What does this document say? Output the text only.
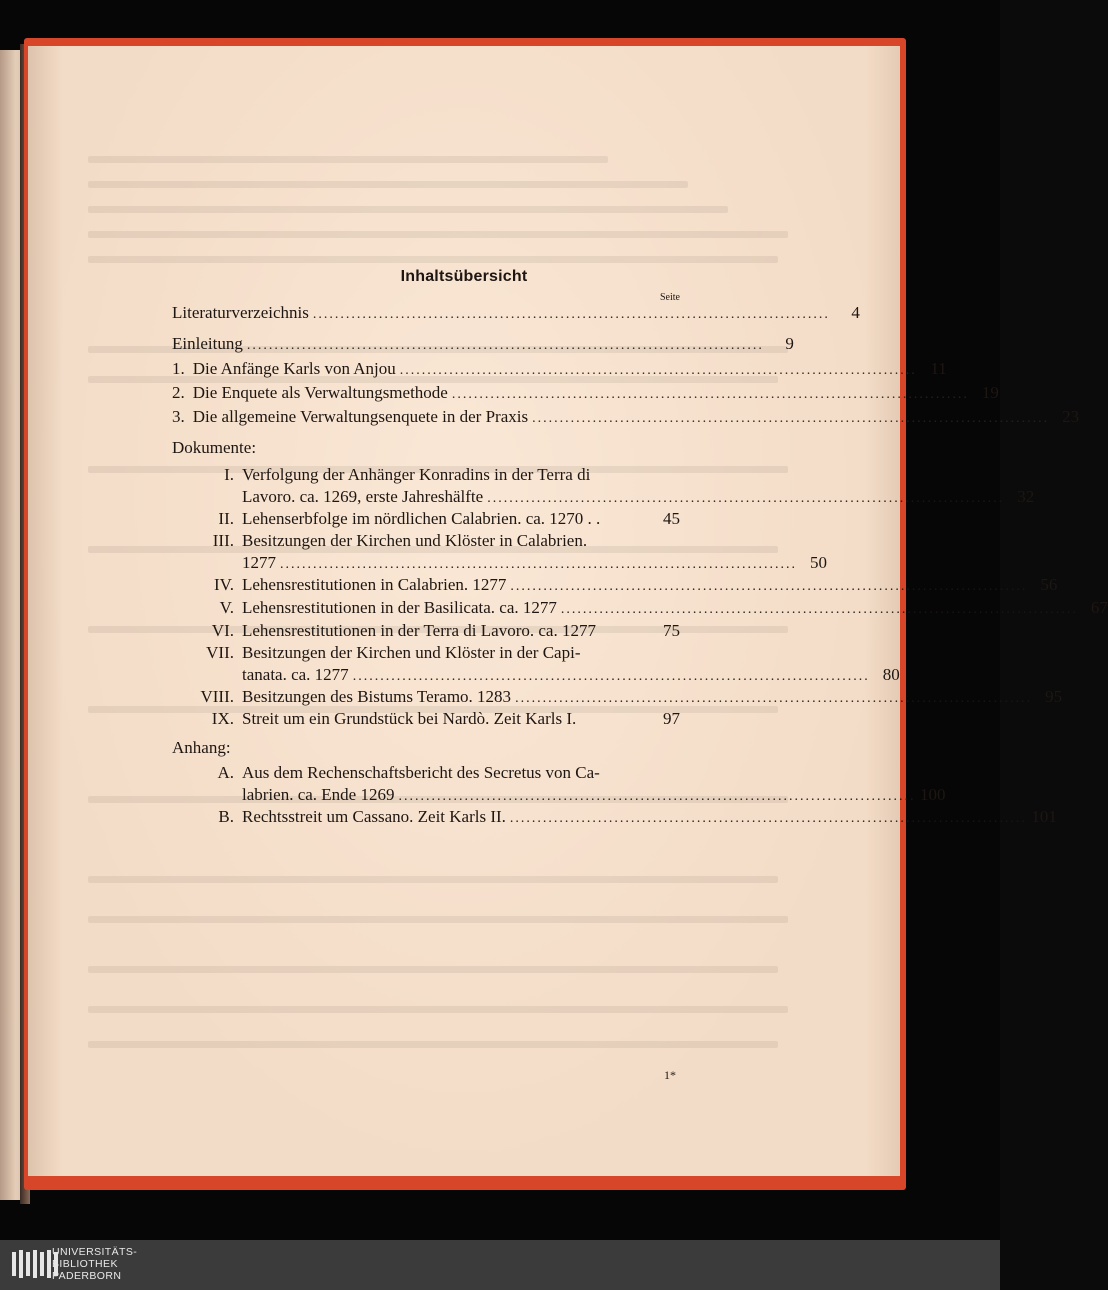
Inhaltsübersicht
Seite
Literaturverzeichnis ..............................................................................................	4
Einleitung ..............................................................................................	9
1. Die Anfänge Karls von Anjou .............................................................................................. 11
2. Die Enquete als Verwaltungsmethode .............................................................................................. 19
3. Die allgemeine Verwaltungsenquete in der Praxis .............................................................................................. 23
Dokumente:
I. Verfolgung der Anhänger Konradins in der Terra di
Lavoro. ca. 1269, erste Jahreshälfte .............................................................................................. 32
II. Lehenserbfolge im nördlichen Calabrien. ca. 1270 . .	45
III. Besitzungen der Kirchen und Klöster in Calabrien.
1277 .............................................................................................. 50
IV. Lehensrestitutionen in Calabrien. 1277 .............................................................................................. 56
V. Lehensrestitutionen in der Basilicata. ca. 1277 .............................................................................................. 67
VI. Lehensrestitutionen in der Terra di Lavoro. ca. 1277	75
VII. Besitzungen der Kirchen und Klöster in der Capi-
tanata. ca. 1277 .............................................................................................. 80
VIII. Besitzungen des Bistums Teramo. 1283 .............................................................................................. 95
IX. Streit um ein Grundstück bei Nardò. Zeit Karls I.	97
Anhang:
A. Aus dem Rechenschaftsbericht des Secretus von Ca-
labrien. ca. Ende 1269 .............................................................................................. 100
B. Rechtsstreit um Cassano. Zeit Karls II. .............................................................................................. 101
1*
UNIVERSITÄTS-
BIBLIOTHEK
PADERBORN
